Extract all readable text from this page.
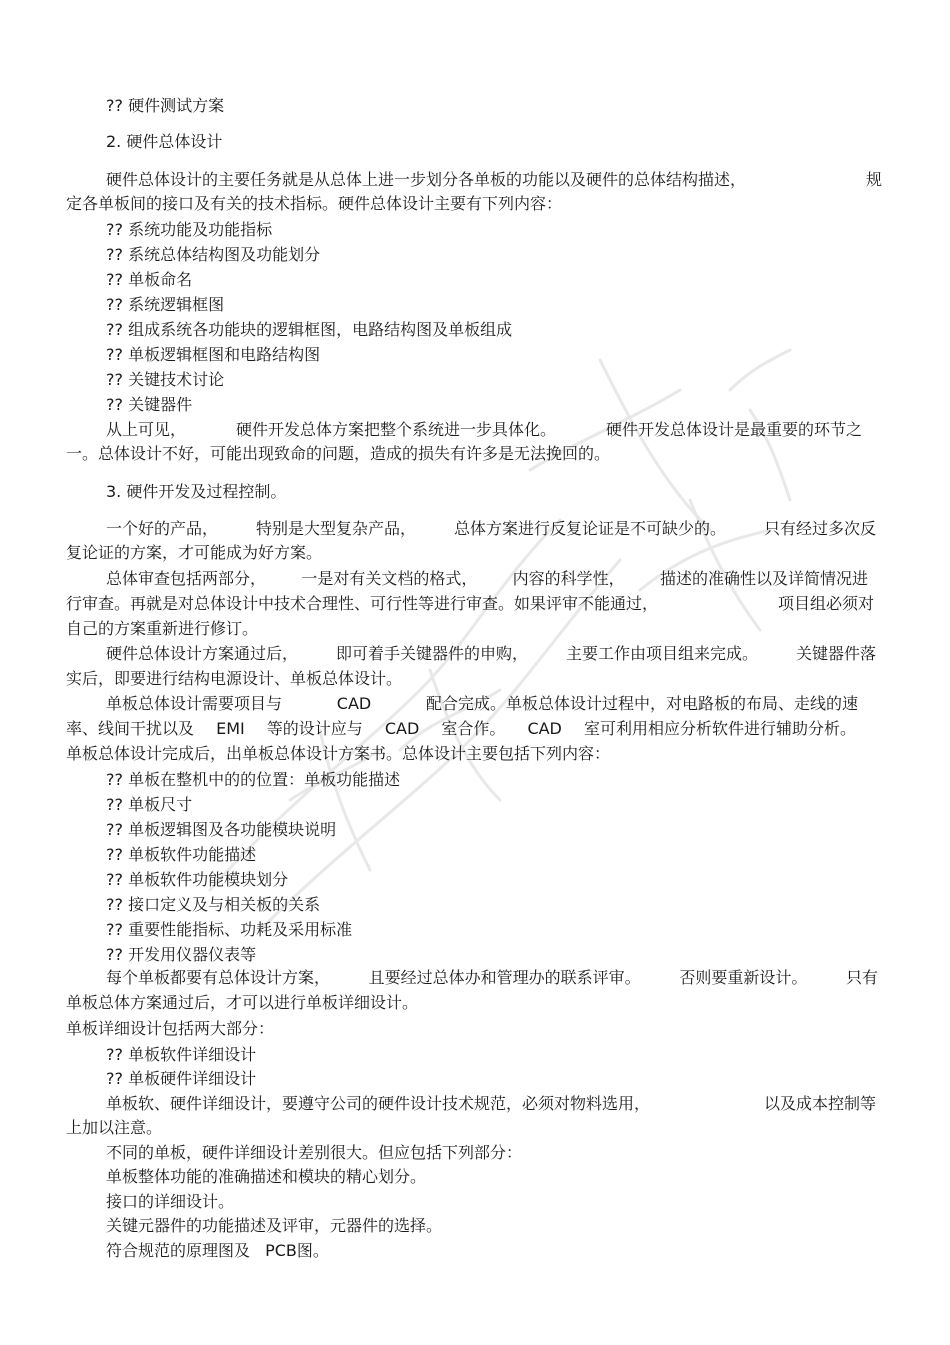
?? 硬件测试方案
2. 硬件总体设计
硬件总体设计的主要任务就是从总体上进一步划分各单板的功能以及硬件的总体结构描述，	规
定各单板间的接口及有关的技术指标。硬件总体设计主要有下列内容：
?? 系统功能及功能指标
?? 系统总体结构图及功能划分
?? 单板命名
?? 系统逻辑框图
?? 组成系统各功能块的逻辑框图，电路结构图及单板组成
?? 单板逻辑框图和电路结构图
?? 关键技术讨论
?? 关键器件
从上可见，	硬件开发总体方案把整个系统进一步具体化。	硬件开发总体设计是最重要的环节之
一。总体设计不好，可能出现致命的问题，造成的损失有许多是无法挽回的。
3. 硬件开发及过程控制。
一个好的产品， 特别是大型复杂产品， 总体方案进行反复论证是不可缺少的。 只有经过多次反
复论证的方案，才可能成为好方案。
总体审查包括两部分， 一是对有关文档的格式， 内容的科学性， 描述的准确性以及详简情况进
行审查。再就是对总体设计中技术合理性、可行性等进行审查。如果评审不能通过，	项目组必须对
自己的方案重新进行修订。
硬件总体设计方案通过后， 即可着手关键器件的申购， 主要工作由项目组来完成。 关键器件落
实后，即要进行结构电源设计、单板总体设计。
单板总体设计需要项目与	CAD	配合完成。单板总体设计过程中，对电路板的布局、走线的速
率、线间干扰以及 EMI 等的设计应与 CAD 室合作。 CAD 室可利用相应分析软件进行辅助分析。
单板总体设计完成后，出单板总体设计方案书。总体设计主要包括下列内容：
?? 单板在整机中的的位置：单板功能描述
?? 单板尺寸
?? 单板逻辑图及各功能模块说明
?? 单板软件功能描述
?? 单板软件功能模块划分
?? 接口定义及与相关板的关系
?? 重要性能指标、功耗及采用标准
?? 开发用仪器仪表等
每个单板都要有总体设计方案， 且要经过总体办和管理办的联系评审。 否则要重新设计。 只有
单板总体方案通过后，才可以进行单板详细设计。
单板详细设计包括两大部分：
?? 单板软件详细设计
?? 单板硬件详细设计
单板软、硬件详细设计，要遵守公司的硬件设计技术规范，必须对物料选用，	以及成本控制等
上加以注意。
不同的单板，硬件详细设计差别很大。但应包括下列部分：
单板整体功能的准确描述和模块的精心划分。
接口的详细设计。
关键元器件的功能描述及评审，元器件的选择。
符合规范的原理图及 PCB图。
